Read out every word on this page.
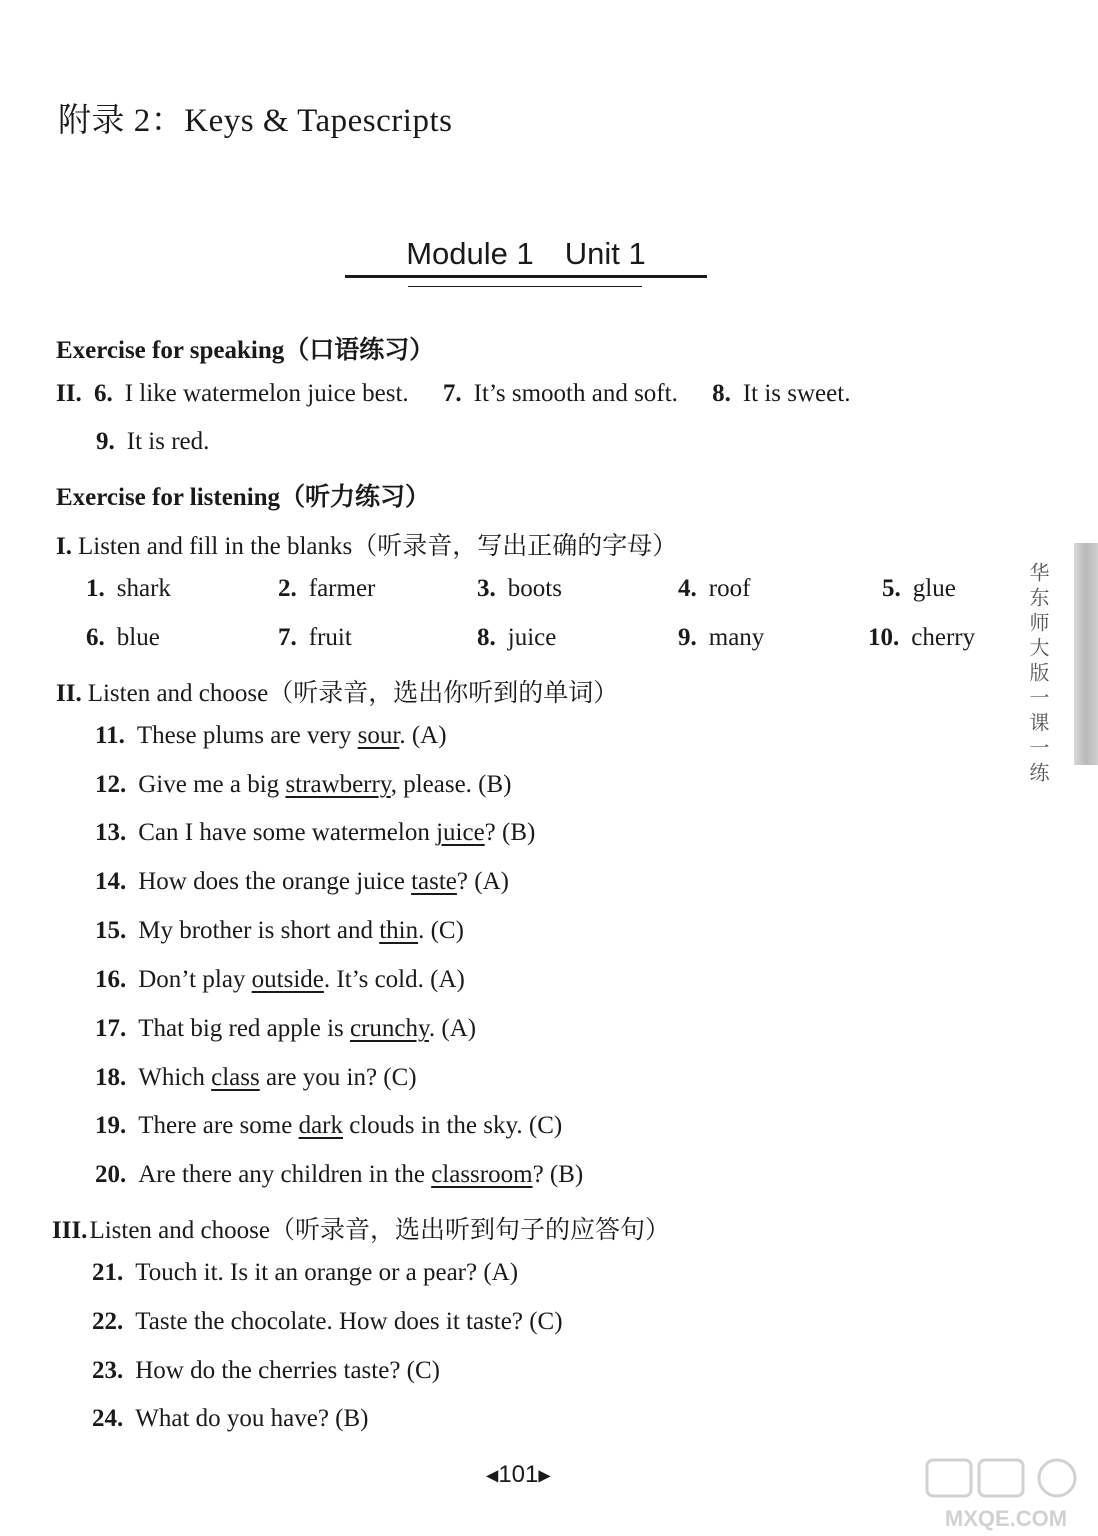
附录 2：Keys & Tapescripts
Module 1　Unit 1
Exercise for speaking（口语练习）
II. 6. I like watermelon juice best. 7. It’s smooth and soft. 8. It is sweet.
9. It is red.
Exercise for listening（听力练习）
I. Listen and fill in the blanks（听录音，写出正确的字母）
1. shark	2. farmer	3. boots	4. roof	5. glue
6. blue	7. fruit	8. juice	9. many	10. cherry
II. Listen and choose（听录音，选出你听到的单词）
11. These plums are very sour. (A)
12. Give me a big strawberry, please. (B)
13. Can I have some watermelon juice? (B)
14. How does the orange juice taste? (A)
15. My brother is short and thin. (C)
16. Don’t play outside. It’s cold. (A)
17. That big red apple is crunchy. (A)
18. Which class are you in? (C)
19. There are some dark clouds in the sky. (C)
20. Are there any children in the classroom? (B)
III.Listen and choose（听录音，选出听到句子的应答句）
21. Touch it. Is it an orange or a pear? (A)
22. Taste the chocolate. How does it taste? (C)
23. How do the cherries taste? (C)
24. What do you have? (B)
华东师大版一课一练
◀101▶
MXQE.COM
